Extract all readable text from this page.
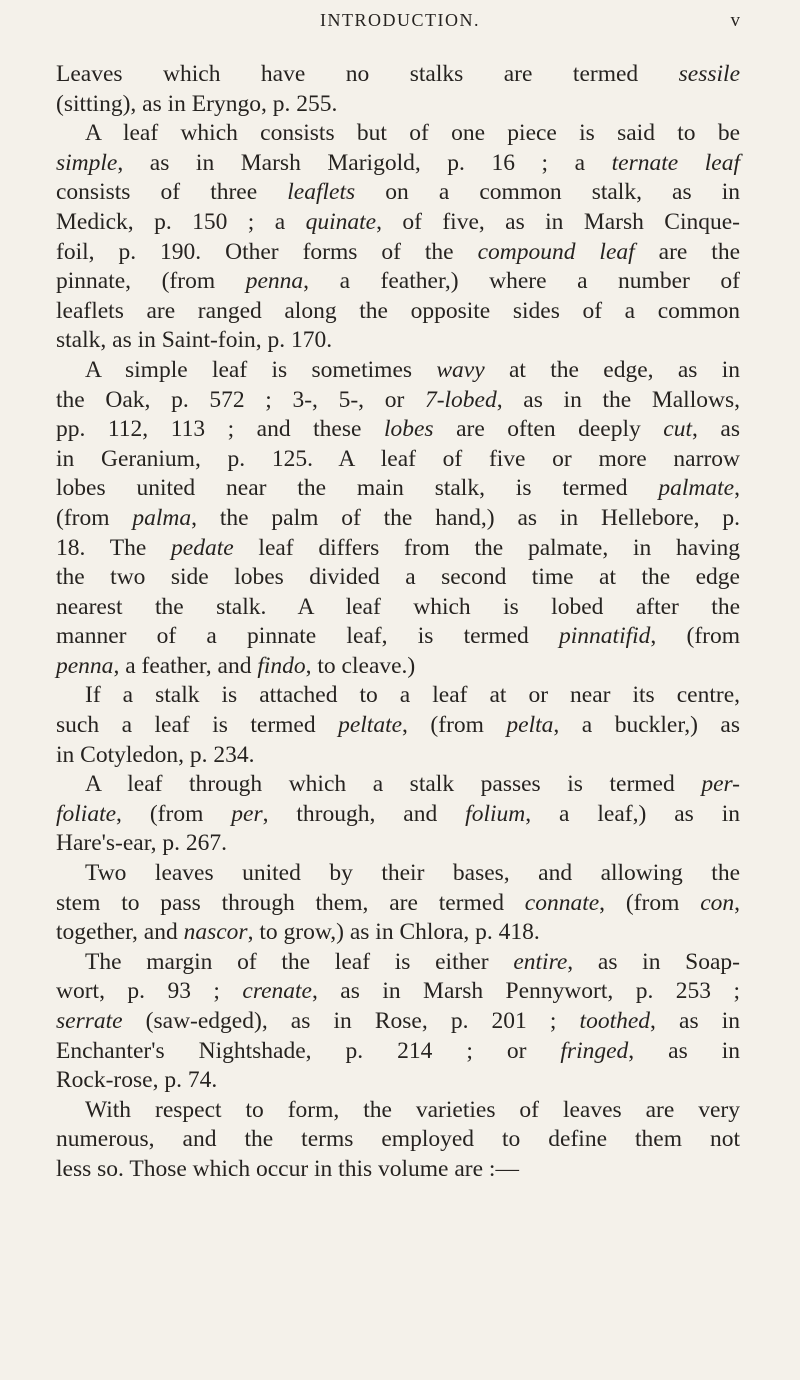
INTRODUCTION.	v
Leaves which have no stalks are termed sessile
(sitting), as in Eryngo, p. 255.
A leaf which consists but of one piece is said to be
simple, as in Marsh Marigold, p. 16 ; a ternate leaf
consists of three leaflets on a common stalk, as in
Medick, p. 150 ; a quinate, of five, as in Marsh Cinque-
foil, p. 190. Other forms of the compound leaf are the
pinnate, (from penna, a feather,) where a number of
leaflets are ranged along the opposite sides of a common
stalk, as in Saint-foin, p. 170.
A simple leaf is sometimes wavy at the edge, as in
the Oak, p. 572 ; 3-, 5-, or 7-lobed, as in the Mallows,
pp. 112, 113 ; and these lobes are often deeply cut, as
in Geranium, p. 125. A leaf of five or more narrow
lobes united near the main stalk, is termed palmate,
(from palma, the palm of the hand,) as in Hellebore, p.
18. The pedate leaf differs from the palmate, in having
the two side lobes divided a second time at the edge
nearest the stalk. A leaf which is lobed after the
manner of a pinnate leaf, is termed pinnatifid, (from
penna, a feather, and findo, to cleave.)
If a stalk is attached to a leaf at or near its centre,
such a leaf is termed peltate, (from pelta, a buckler,) as
in Cotyledon, p. 234.
A leaf through which a stalk passes is termed per-
foliate, (from per, through, and folium, a leaf,) as in
Hare's-ear, p. 267.
Two leaves united by their bases, and allowing the
stem to pass through them, are termed connate, (from con,
together, and nascor, to grow,) as in Chlora, p. 418.
The margin of the leaf is either entire, as in Soap-
wort, p. 93 ; crenate, as in Marsh Pennywort, p. 253 ;
serrate (saw-edged), as in Rose, p. 201 ; toothed, as in
Enchanter's Nightshade, p. 214 ; or fringed, as in
Rock-rose, p. 74.
With respect to form, the varieties of leaves are very
numerous, and the terms employed to define them not
less so. Those which occur in this volume are :—
